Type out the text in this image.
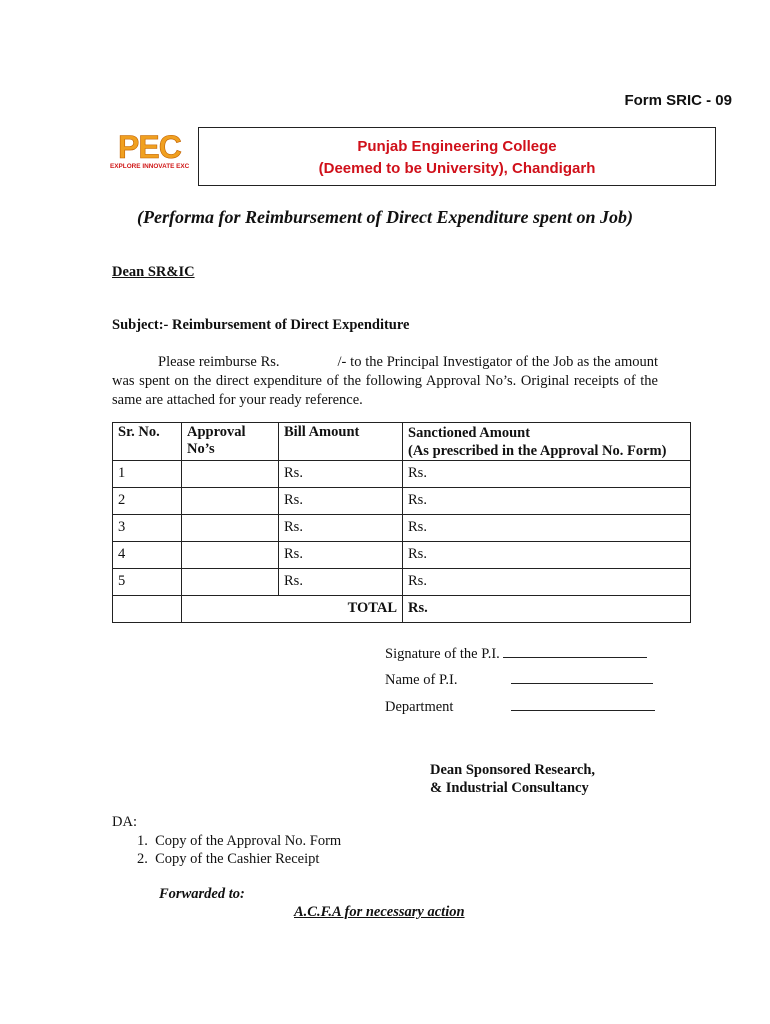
Form SRIC - 09
PEC
EXPLORE INNOVATE EXC
Punjab Engineering College
(Deemed to be University), Chandigarh
(Performa for Reimbursement of Direct Expenditure spent on Job)
Dean SR&IC
Subject:- Reimbursement of Direct Expenditure
Please reimburse Rs.	/- to the Principal Investigator of the Job as the amount was spent on the direct expenditure of the following Approval No’s. Original receipts of the same are attached for your ready reference.
Sr. No.	Approval No’s	Bill Amount	Sanctioned Amount
(As prescribed in the Approval No. Form)

1		Rs.	Rs.
2		Rs.	Rs.
3		Rs.	Rs.
4		Rs.	Rs.
5		Rs.	Rs.
	TOTAL		Rs.
Signature of the P.I.
Name of P.I.
Department
Dean Sponsored Research,
& Industrial Consultancy
DA:
1.  Copy of the Approval No. Form
2.  Copy of the Cashier Receipt
Forwarded to:
A.C.F.A for necessary action
